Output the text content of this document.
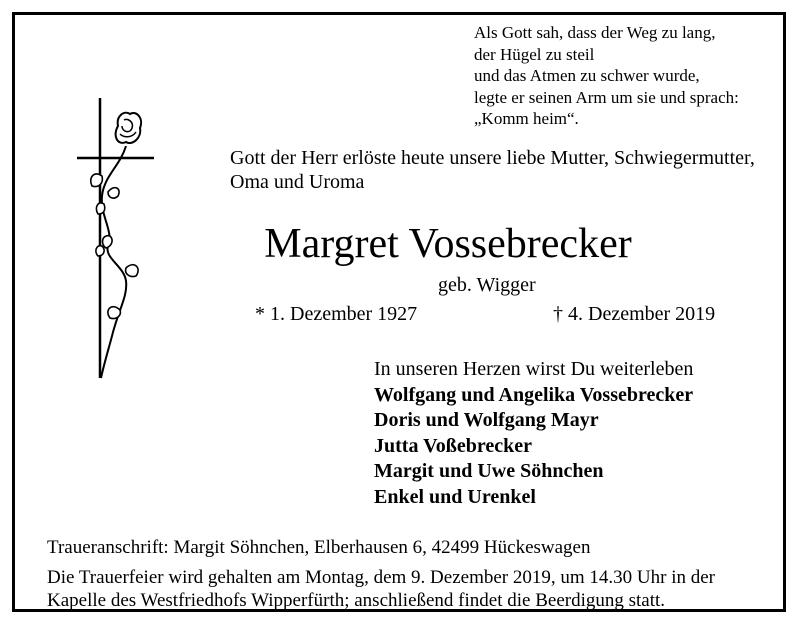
Als Gott sah, dass der Weg zu lang,
der Hügel zu steil
und das Atmen zu schwer wurde,
legte er seinen Arm um sie und sprach:
„Komm heim“.
Gott der Herr erlöste heute unsere liebe Mutter, Schwiegermutter,
Oma und Uroma
Margret Vossebrecker
geb. Wigger
* 1. Dezember 1927	† 4. Dezember 2019
In unseren Herzen wirst Du weiterleben
Wolfgang und Angelika Vossebrecker
Doris und Wolfgang Mayr
Jutta Voßebrecker
Margit und Uwe Söhnchen
Enkel und Urenkel
Traueranschrift: Margit Söhnchen, Elberhausen 6, 42499 Hückeswagen
Die Trauerfeier wird gehalten am Montag, dem 9. Dezember 2019, um 14.30 Uhr in der
Kapelle des Westfriedhofs Wipperfürth; anschließend findet die Beerdigung statt.
